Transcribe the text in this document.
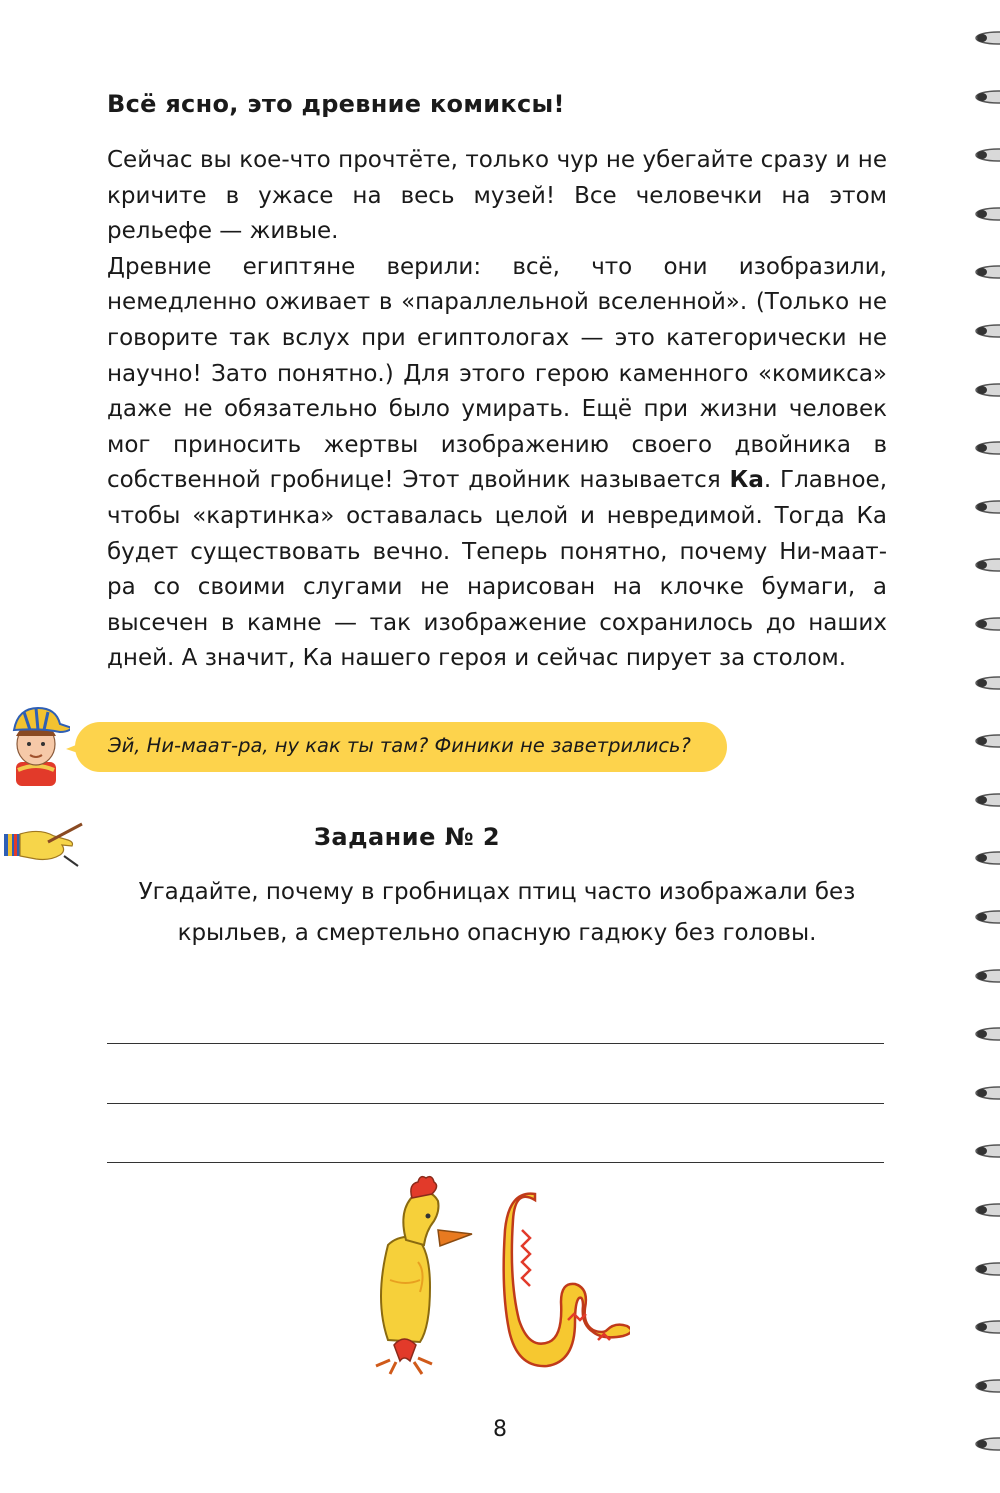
Всё ясно, это древние комиксы!

Сейчас вы кое-что прочтёте, только чур не убегайте сразу и не кричите в ужасе на весь музей! Все человечки на этом рельефе — живые.

Древние египтяне верили: всё, что они изобразили, немедленно оживает в «параллельной вселенной». (Только не говорите так вслух при египтологах — это категорически не научно! Зато понятно.) Для этого герою каменного «комикса» даже не обязательно было умирать. Ещё при жизни человек мог приносить жертвы изображению своего двойника в собственной гробнице! Этот двойник называется Ка. Главное, чтобы «картинка» оставалась целой и невредимой. Тогда Ка будет существовать вечно. Теперь понятно, почему Ни-маат-ра со своими слугами не нарисован на клочке бумаги, а высечен в камне — так изображение сохранилось до наших дней. А значит, Ка нашего героя и сейчас пирует за столом.

Эй, Ни-маат-ра, ну как ты там? Финики не заветрились?

Задание № 2

Угадайте, почему в гробницах птиц часто изображали без крыльев, а смертельно опасную гадюку без головы.

8
